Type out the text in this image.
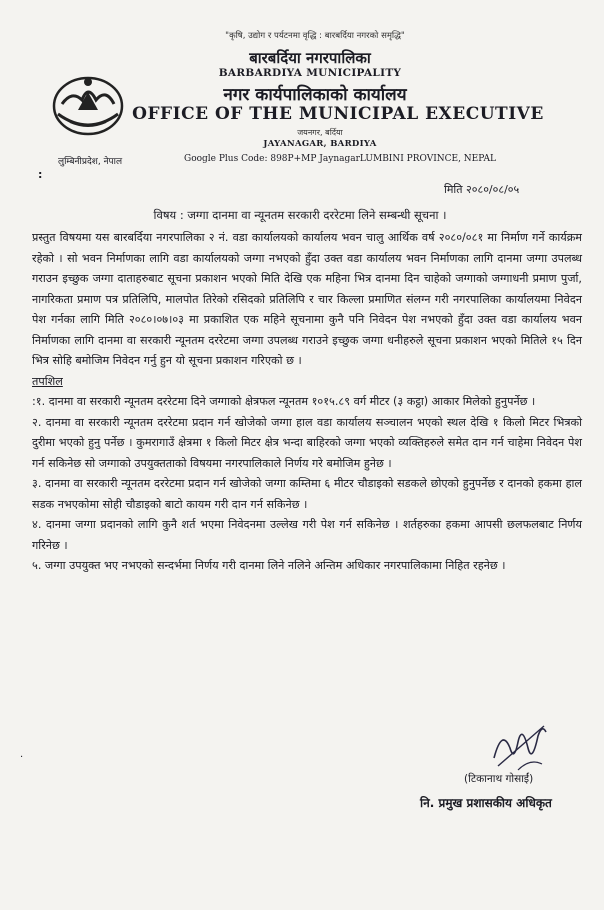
"कृषि, उद्योग र पर्यटनमा वृद्धि : बारबर्दिया नगरको समृद्धि"
बारबर्दिया नगरपालिका
BARBARDIYA MUNICIPALITY
नगर कार्यपालिकाको कार्यालय
OFFICE OF THE MUNICIPAL EXECUTIVE
जयनगर, बर्दिया
JAYANAGAR, BARDIYA
लुम्बिनीप्रदेश, नेपाल	Google Plus Code: 898P+MP JaynagarLUMBINI PROVINCE, NEPAL
:
मिति २०८०/०८/०५
विषय : जग्गा दानमा वा न्यूनतम सरकारी दररेटमा लिने सम्बन्धी सूचना ।

प्रस्तुत विषयमा यस बारबर्दिया नगरपालिका २ नं. वडा कार्यालयको कार्यालय भवन चालु आर्थिक वर्ष २०८०/०८१ मा निर्माण गर्ने कार्यक्रम रहेको । सो भवन निर्माणका लागि वडा कार्यालयको जग्गा नभएको हुँदा उक्त वडा कार्यालय भवन निर्माणका लागि दानमा जग्गा उपलब्ध गराउन इच्छुक जग्गा दाताहरुबाट सूचना प्रकाशन भएको मिति देखि एक महिना भित्र दानमा दिन चाहेको जग्गाको जग्गाधनी प्रमाण पुर्जा, नागरिकता प्रमाण पत्र प्रतिलिपि, मालपोत तिरेको रसिदको प्रतिलिपि र चार किल्ला प्रमाणित संलग्न गरी नगरपालिका कार्यालयमा निवेदन पेश गर्नका लागि मिति २०८०।०७।०३ मा प्रकाशित एक महिने सूचनामा कुनै पनि निवेदन पेश नभएको हुँदा उक्त वडा कार्यालय भवन निर्माणका लागि दानमा वा सरकारी न्यूनतम दररेटमा जग्गा उपलब्ध गराउने इच्छुक जग्गा धनीहरुले सूचना प्रकाशन भएको मितिले १५ दिन भित्र सोहि बमोजिम निवेदन गर्नु हुन यो सूचना प्रकाशन गरिएको छ ।

तपशिल

:१. दानमा वा सरकारी न्यूनतम दररेटमा दिने जग्गाको क्षेत्रफल न्यूनतम १०१५.८९ वर्ग मीटर (३ कट्ठा) आकार मिलेको हुनुपर्नेछ ।

२. दानमा वा सरकारी न्यूनतम दररेटमा प्रदान गर्न खोजेको जग्गा हाल वडा कार्यालय सञ्चालन भएको स्थल देखि १ किलो मिटर भित्रको दुरीमा भएको हुनु पर्नेछ । कुमरागाउँ क्षेत्रमा १ किलो मिटर क्षेत्र भन्दा बाहिरको जग्गा भएको व्यक्तिहरुले समेत दान गर्न चाहेमा निवेदन पेश गर्न सकिनेछ सो जग्गाको उपयुक्तताको विषयमा नगरपालिकाले निर्णय गरे बमोजिम हुनेछ ।

३. दानमा वा सरकारी न्यूनतम दररेटमा प्रदान गर्न खोजेको जग्गा कम्तिमा ६ मीटर चौडाइको सडकले छोएको हुनुपर्नेछ र दानको हकमा हाल सडक नभएकोमा सोही चौडाइको बाटो कायम गरी दान गर्न सकिनेछ ।

४. दानमा जग्गा प्रदानको लागि कुनै शर्त भएमा निवेदनमा उल्लेख गरी पेश गर्न सकिनेछ । शर्तहरुका हकमा आपसी छलफलबाट निर्णय गरिनेछ ।

५. जग्गा उपयुक्त भए नभएको सन्दर्भमा निर्णय गरी दानमा लिने नलिने अन्तिम अधिकार नगरपालिकामा निहित रहनेछ ।

·
(टिकानाथ गोसाईं)
नि. प्रमुख प्रशासकीय अधिकृत
